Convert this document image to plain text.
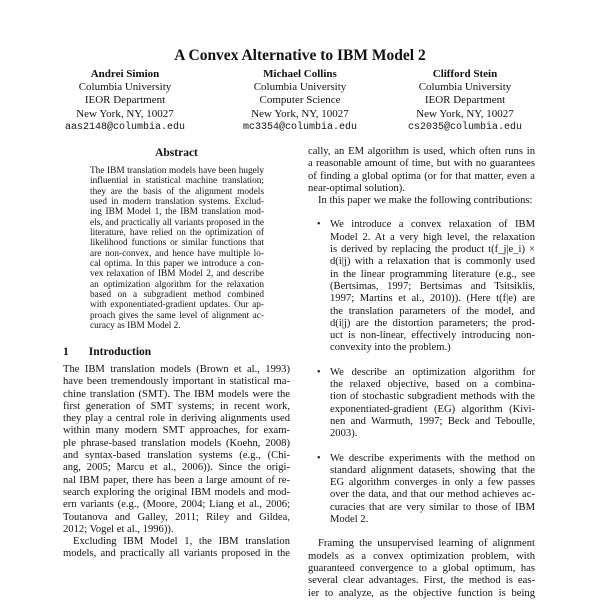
A Convex Alternative to IBM Model 2
Andrei Simion
Columbia University
IEOR Department
New York, NY, 10027
aas2148@columbia.edu
Michael Collins
Columbia University
Computer Science
New York, NY, 10027
mc3354@columbia.edu
Clifford Stein
Columbia University
IEOR Department
New York, NY, 10027
cs2035@columbia.edu
Abstract
The IBM translation models have been hugely
influential in statistical machine translation;
they are the basis of the alignment models
used in modern translation systems. Exclud-
ing IBM Model 1, the IBM translation mod-
els, and practically all variants proposed in the
literature, have relied on the optimization of
likelihood functions or similar functions that
are non-convex, and hence have multiple lo-
cal optima. In this paper we introduce a con-
vex relaxation of IBM Model 2, and describe
an optimization algorithm for the relaxation
based on a subgradient method combined
with exponentiated-gradient updates. Our ap-
proach gives the same level of alignment ac-
curacy as IBM Model 2.
1 Introduction
The IBM translation models (Brown et al., 1993)
have been tremendously important in statistical ma-
chine translation (SMT). The IBM models were the
first generation of SMT systems; in recent work,
they play a central role in deriving alignments used
within many modern SMT approaches, for exam-
ple phrase-based translation models (Koehn, 2008)
and syntax-based translation systems (e.g., (Chi-
ang, 2005; Marcu et al., 2006)). Since the origi-
nal IBM paper, there has been a large amount of re-
search exploring the original IBM models and mod-
ern variants (e.g., (Moore, 2004; Liang et al., 2006;
Toutanova and Galley, 2011; Riley and Gildea,
2012; Vogel et al., 1996)).
Excluding IBM Model 1, the IBM translation
models, and practically all variants proposed in the
cally, an EM algorithm is used, which often runs in
a reasonable amount of time, but with no guarantees
of finding a global optima (or for that matter, even a
near-optimal solution).
In this paper we make the following contributions:
• We introduce a convex relaxation of IBM
Model 2. At a very high level, the relaxation
is derived by replacing the product t(f_j|e_i) ×
d(i|j) with a relaxation that is commonly used
in the linear programming literature (e.g., see
(Bertsimas, 1997; Bertsimas and Tsitsiklis,
1997; Martins et al., 2010)). (Here t(f|e) are
the translation parameters of the model, and
d(i|j) are the distortion parameters; the prod-
uct is non-linear, effectively introducing non-
convexity into the problem.)
• We describe an optimization algorithm for
the relaxed objective, based on a combina-
tion of stochastic subgradient methods with the
exponentiated-gradient (EG) algorithm (Kivi-
nen and Warmuth, 1997; Beck and Teboulle,
2003).
• We describe experiments with the method on
standard alignment datasets, showing that the
EG algorithm converges in only a few passes
over the data, and that our method achieves ac-
curacies that are very similar to those of IBM
Model 2.
Framing the unsupervised learning of alignment
models as a convex optimization problem, with
guaranteed convergence to a global optimum, has
several clear advantages. First, the method is eas-
ier to analyze, as the objective function is being
